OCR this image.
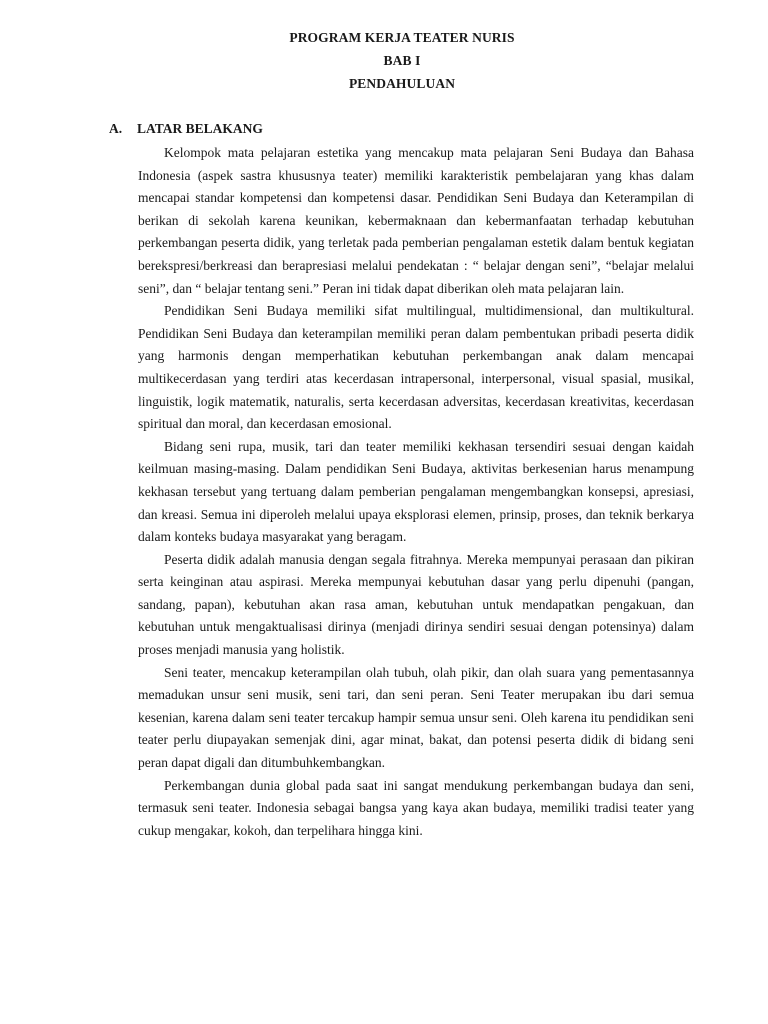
PROGRAM KERJA TEATER NURIS
BAB I
PENDAHULUAN
A. LATAR BELAKANG

Kelompok mata pelajaran estetika yang mencakup mata pelajaran Seni Budaya dan Bahasa Indonesia (aspek sastra khususnya teater) memiliki karakteristik pembelajaran yang khas dalam mencapai standar kompetensi dan kompetensi dasar. Pendidikan Seni Budaya dan Keterampilan di berikan di sekolah karena keunikan, kebermaknaan dan kebermanfaatan terhadap kebutuhan perkembangan peserta didik, yang terletak pada pemberian pengalaman estetik dalam bentuk kegiatan berekspresi/berkreasi dan berapresiasi melalui pendekatan : “ belajar dengan seni”, “belajar melalui seni”, dan “ belajar tentang seni.” Peran ini tidak dapat diberikan oleh mata pelajaran lain.

Pendidikan Seni Budaya memiliki sifat multilingual, multidimensional, dan multikultural. Pendidikan Seni Budaya dan keterampilan memiliki peran dalam pembentukan pribadi peserta didik yang harmonis dengan memperhatikan kebutuhan perkembangan anak dalam mencapai multikecerdasan yang terdiri atas kecerdasan intrapersonal, interpersonal, visual spasial, musikal, linguistik, logik matematik, naturalis, serta kecerdasan adversitas, kecerdasan kreativitas, kecerdasan spiritual dan moral, dan kecerdasan emosional.

Bidang seni rupa, musik, tari dan teater memiliki kekhasan tersendiri sesuai dengan kaidah keilmuan masing-masing. Dalam pendidikan Seni Budaya, aktivitas berkesenian harus menampung kekhasan tersebut yang tertuang dalam pemberian pengalaman mengembangkan konsepsi, apresiasi, dan kreasi. Semua ini diperoleh melalui upaya eksplorasi elemen, prinsip, proses, dan teknik berkarya dalam konteks budaya masyarakat yang beragam.

Peserta didik adalah manusia dengan segala fitrahnya. Mereka mempunyai perasaan dan pikiran serta keinginan atau aspirasi. Mereka mempunyai kebutuhan dasar yang perlu dipenuhi (pangan, sandang, papan), kebutuhan akan rasa aman, kebutuhan untuk mendapatkan pengakuan, dan kebutuhan untuk mengaktualisasi dirinya (menjadi dirinya sendiri sesuai dengan potensinya) dalam proses menjadi manusia yang holistik.

Seni teater, mencakup keterampilan olah tubuh, olah pikir, dan olah suara yang pementasannya memadukan unsur seni musik, seni tari, dan seni peran. Seni Teater merupakan ibu dari semua kesenian, karena dalam seni teater tercakup hampir semua unsur seni. Oleh karena itu pendidikan seni teater perlu diupayakan semenjak dini, agar minat, bakat, dan potensi peserta didik di bidang seni peran dapat digali dan ditumbuhkembangkan.

Perkembangan dunia global pada saat ini sangat mendukung perkembangan budaya dan seni, termasuk seni teater. Indonesia sebagai bangsa yang kaya akan budaya, memiliki tradisi teater yang cukup mengakar, kokoh, dan terpelihara hingga kini.
